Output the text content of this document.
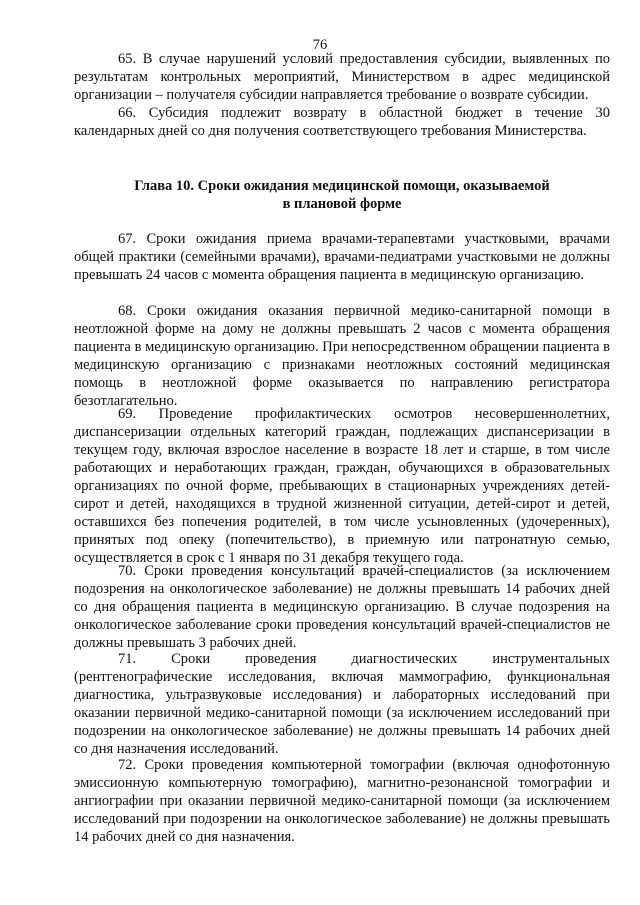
76

65. В случае нарушений условий предоставления субсидии, выявленных по результатам контрольных мероприятий, Министерством в адрес медицинской организации – получателя субсидии направляется требование о возврате субсидии.

66. Субсидия подлежит возврату в областной бюджет в течение 30 календарных дней со дня получения соответствующего требования Министерства.

Глава 10. Сроки ожидания медицинской помощи, оказываемой
в плановой форме

67. Сроки ожидания приема врачами-терапевтами участковыми, врачами общей практики (семейными врачами), врачами-педиатрами участковыми не должны превышать 24 часов с момента обращения пациента в медицинскую организацию.

68. Сроки ожидания оказания первичной медико-санитарной помощи в неотложной форме на дому не должны превышать 2 часов с момента обращения пациента в медицинскую организацию. При непосредственном обращении пациента в медицинскую организацию с признаками неотложных состояний медицинская помощь в неотложной форме оказывается по направлению регистратора безотлагательно.

69. Проведение профилактических осмотров несовершеннолетних, диспансеризации отдельных категорий граждан, подлежащих диспансеризации в текущем году, включая взрослое население в возрасте 18 лет и старше, в том числе работающих и неработающих граждан, граждан, обучающихся в образовательных организациях по очной форме, пребывающих в стационарных учреждениях детей-сирот и детей, находящихся в трудной жизненной ситуации, детей-сирот и детей, оставшихся без попечения родителей, в том числе усыновленных (удочеренных), принятых под опеку (попечительство), в приемную или патронатную семью, осуществляется в срок с 1 января по 31 декабря текущего года.

70. Сроки проведения консультаций врачей-специалистов (за исключением подозрения на онкологическое заболевание) не должны превышать 14 рабочих дней со дня обращения пациента в медицинскую организацию. В случае подозрения на онкологическое заболевание сроки проведения консультаций врачей-специалистов не должны превышать 3 рабочих дней.

71. Сроки проведения диагностических инструментальных (рентгенографические исследования, включая маммографию, функциональная диагностика, ультразвуковые исследования) и лабораторных исследований при оказании первичной медико-санитарной помощи (за исключением исследований при подозрении на онкологическое заболевание) не должны превышать 14 рабочих дней со дня назначения исследований.

72. Сроки проведения компьютерной томографии (включая однофотонную эмиссионную компьютерную томографию), магнитно-резонансной томографии и ангиографии при оказании первичной медико-санитарной помощи (за исключением исследований при подозрении на онкологическое заболевание) не должны превышать 14 рабочих дней со дня назначения.
